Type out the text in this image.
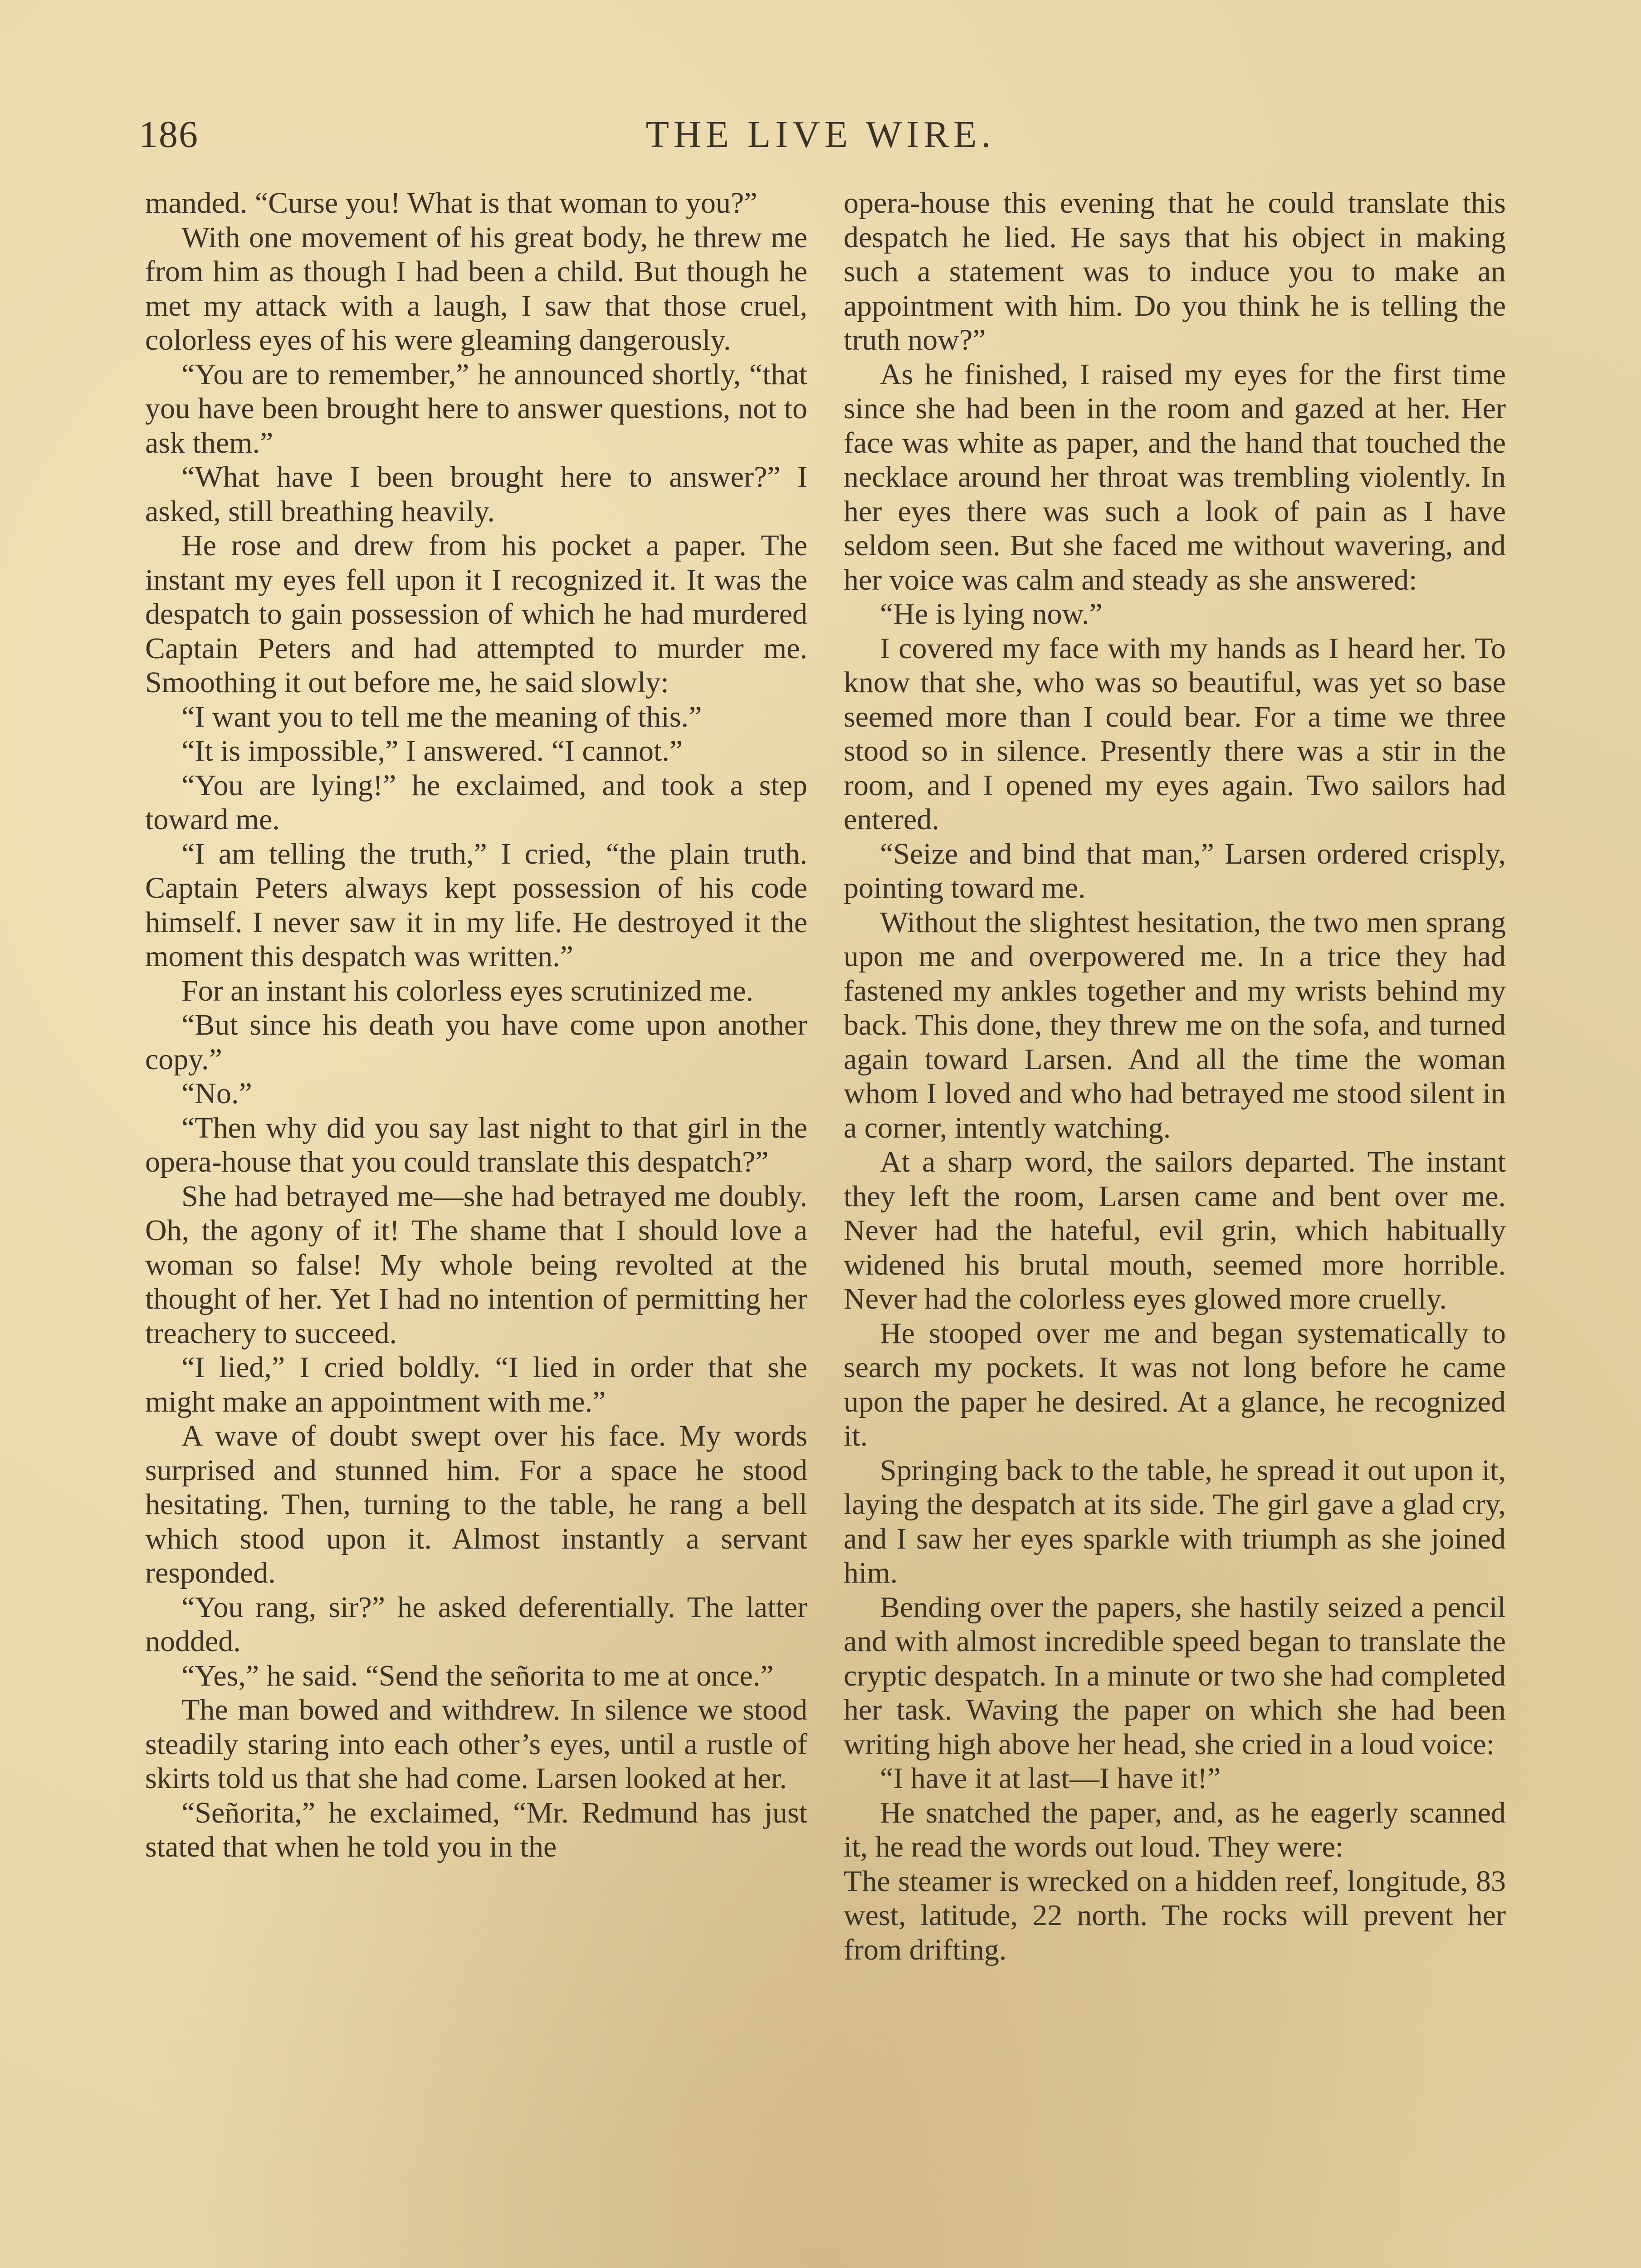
186	THE LIVE WIRE.

manded. “Curse you! What is that woman to you?”

With one movement of his great body, he threw me from him as though I had been a child. But though he met my attack with a laugh, I saw that those cruel, colorless eyes of his were gleaming dangerously.

“You are to remember,” he announced shortly, “that you have been brought here to answer questions, not to ask them.”

“What have I been brought here to answer?” I asked, still breathing heavily.

He rose and drew from his pocket a paper. The instant my eyes fell upon it I recognized it. It was the despatch to gain possession of which he had murdered Captain Peters and had attempted to murder me. Smoothing it out before me, he said slowly:

“I want you to tell me the meaning of this.”

“It is impossible,” I answered. “I cannot.”

“You are lying!” he exclaimed, and took a step toward me.

“I am telling the truth,” I cried, “the plain truth. Captain Peters always kept possession of his code himself. I never saw it in my life. He destroyed it the moment this despatch was written.”

For an instant his colorless eyes scrutinized me.

“But since his death you have come upon another copy.”

“No.”

“Then why did you say last night to that girl in the opera-house that you could translate this despatch?”

She had betrayed me—she had betrayed me doubly. Oh, the agony of it! The shame that I should love a woman so false! My whole being revolted at the thought of her. Yet I had no intention of permitting her treachery to succeed.

“I lied,” I cried boldly. “I lied in order that she might make an appointment with me.”

A wave of doubt swept over his face. My words surprised and stunned him. For a space he stood hesitating. Then, turning to the table, he rang a bell which stood upon it. Almost instantly a servant responded.

“You rang, sir?” he asked deferentially. The latter nodded.

“Yes,” he said. “Send the señorita to me at once.”

The man bowed and withdrew. In silence we stood steadily staring into each other’s eyes, until a rustle of skirts told us that she had come. Larsen looked at her.

“Señorita,” he exclaimed, “Mr. Redmund has just stated that when he told you in the

opera-house this evening that he could translate this despatch he lied. He says that his object in making such a statement was to induce you to make an appointment with him. Do you think he is telling the truth now?”

As he finished, I raised my eyes for the first time since she had been in the room and gazed at her. Her face was white as paper, and the hand that touched the necklace around her throat was trembling violently. In her eyes there was such a look of pain as I have seldom seen. But she faced me without wavering, and her voice was calm and steady as she answered:

“He is lying now.”

I covered my face with my hands as I heard her. To know that she, who was so beautiful, was yet so base seemed more than I could bear. For a time we three stood so in silence. Presently there was a stir in the room, and I opened my eyes again. Two sailors had entered.

“Seize and bind that man,” Larsen ordered crisply, pointing toward me.

Without the slightest hesitation, the two men sprang upon me and overpowered me. In a trice they had fastened my ankles together and my wrists behind my back. This done, they threw me on the sofa, and turned again toward Larsen. And all the time the woman whom I loved and who had betrayed me stood silent in a corner, intently watching.

At a sharp word, the sailors departed. The instant they left the room, Larsen came and bent over me. Never had the hateful, evil grin, which habitually widened his brutal mouth, seemed more horrible. Never had the colorless eyes glowed more cruelly.

He stooped over me and began systematically to search my pockets. It was not long before he came upon the paper he desired. At a glance, he recognized it.

Springing back to the table, he spread it out upon it, laying the despatch at its side. The girl gave a glad cry, and I saw her eyes sparkle with triumph as she joined him.

Bending over the papers, she hastily seized a pencil and with almost incredible speed began to translate the cryptic despatch. In a minute or two she had completed her task. Waving the paper on which she had been writing high above her head, she cried in a loud voice:

“I have it at last—I have it!”

He snatched the paper, and, as he eagerly scanned it, he read the words out loud. They were:

The steamer is wrecked on a hidden reef, longitude, 83 west, latitude, 22 north. The rocks will prevent her from drifting.
